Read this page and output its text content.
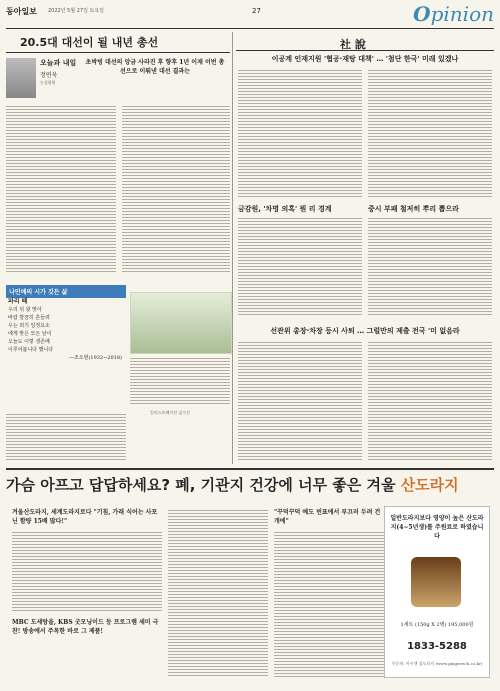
동아일보 2022년 5월 27일 토요일	27	Opinion
20.5대 대선이 될 내년 총선
오늘과 내일
정연욱
논설위원
초박빙 대선의 앙금 사라진 후 향후 1년 이재 이번 총선으로 이뤄낸 대선 결과는
나민애의 시가 깃든 삶
파리 떼
우리 뒤 윗 맞아
바람 깔끔히 흔들려
우는 외기 일정요소
에게 맞은 모든 날이
오늘도 이렇 생존배
이루어봅니다 했니다
—조오현(1932∼2018)
일러스트레이션 김수진
社 說
이공계 인재지원 '협공·재탕 대책' … '첨단 한국' 미래 있겠나
금감원, '차명 의혹' 뭔 리 경계	중시 부패 철저히 뿌리 뽑으라
선관위 총장·차장 등시 사퇴 … 그럴만의 제출 전국 '미 없음라
가슴 아프고 답답하세요? 폐, 기관지 건강에 너무 좋은 겨울 산도라지
겨울산도라지, 세계도라지로다 "기침, 가래 식어는 사포닌 함량 15배 많다!"
MBC 도세랑을, KBS 굿모닝이드 등 프로그램 세미 극찬! 방송에서 주목한 바로 그 제품!
"꾸덕꾸덕 예도 빈표에서 부끄러 두려 건개에"	일반도라지보다 영양이 높은 산도라지(4~5년생)를 주원료로 하였습니다
1세트 (150g X 2병) 195,000원
1833-5288
주문처: 마시앤 상도라지 (www.gingerrich.co.kr)
